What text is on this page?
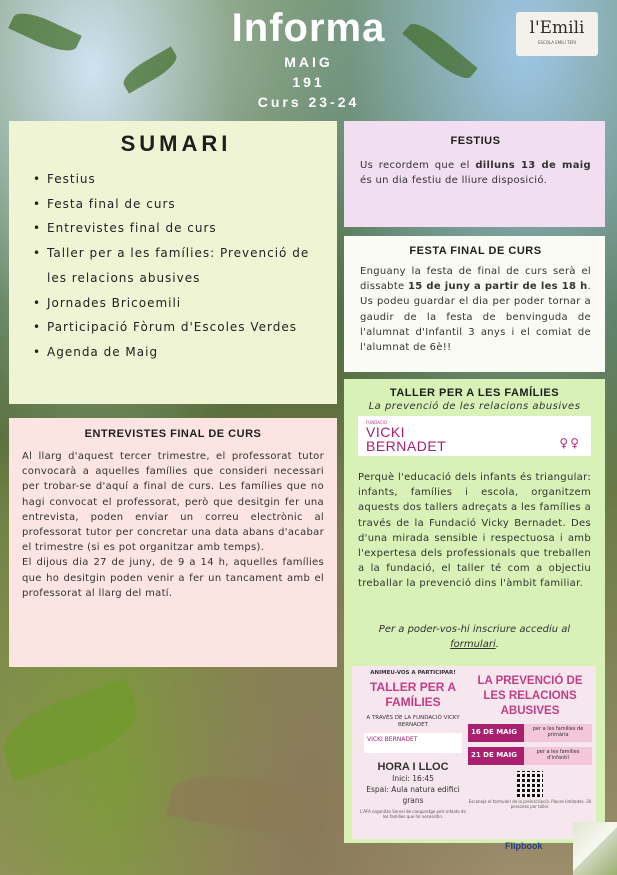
Informa
MAIG
191
Curs 23-24
l'Emili
ESCOLA EMILI TERI
SUMARI
• Festius
• Festa final de curs
• Entrevistes final de curs
• Taller per a les famílies: Prevenció de les relacions abusives
• Jornades Bricoemili
• Participació Fòrum d'Escoles Verdes
• Agenda de Maig
ENTREVISTES FINAL DE CURS

Al llarg d'aquest tercer trimestre, el professorat tutor convocarà a aquelles famílies que consideri necessari per trobar-se d'aquí a final de curs. Les famílies que no hagi convocat el professorat, però que desitgin fer una entrevista, poden enviar un correu electrònic al professorat tutor per concretar una data abans d'acabar el trimestre (si es pot organitzar amb temps).

El dijous dia 27 de juny, de 9 a 14 h, aquelles famílies que ho desitgin poden venir a fer un tancament amb el professorat al llarg del matí.

FESTIUS

Us recordem que el dilluns 13 de maig és un dia festiu de lliure disposició.

FESTA FINAL DE CURS

Enguany la festa de final de curs serà el dissabte 15 de juny a partir de les 18 h. Us podeu guardar el dia per poder tornar a gaudir de la festa de benvinguda de l'alumnat d'Infantil 3 anys i el comiat de l'alumnat de 6è!!

TALLER PER A LES FAMÍLIES
La prevenció de les relacions abusives
FUNDACIÓ
VICKI BERNADET	♀♀

Perquè l'educació dels infants és triangular: infants, famílies i escola, organitzem aquests dos tallers adreçats a les famílies a través de la Fundació Vicky Bernadet. Des d'una mirada sensible i respectuosa i amb l'expertesa dels professionals que treballen a la fundació, el taller té com a objectiu treballar la prevenció dins l'àmbit familiar.

Per a poder-vos-hi inscriure accediu al formulari.

ANIMEU-VOS A PARTICIPAR!
TALLER PER A FAMÍLIES
A TRAVÉS DE LA FUNDACIÓ VICKY BERNADET
VICKI BERNADET
HORA I LLOC
Inici: 16:45
Espai: Aula natura edifici grans
L'AFA organitza Servei de canguratge pels infants de les famílies que ho necessitin.
LA PREVENCIÓ DE LES RELACIONS ABUSIVES
16 DE MAIG	per a les famílies de primària
21 DE MAIG	per a les famílies d'infantil
Escaneja el formulari de la preinscripció. Places limitades. 30 persones per taller.
Flipbook
